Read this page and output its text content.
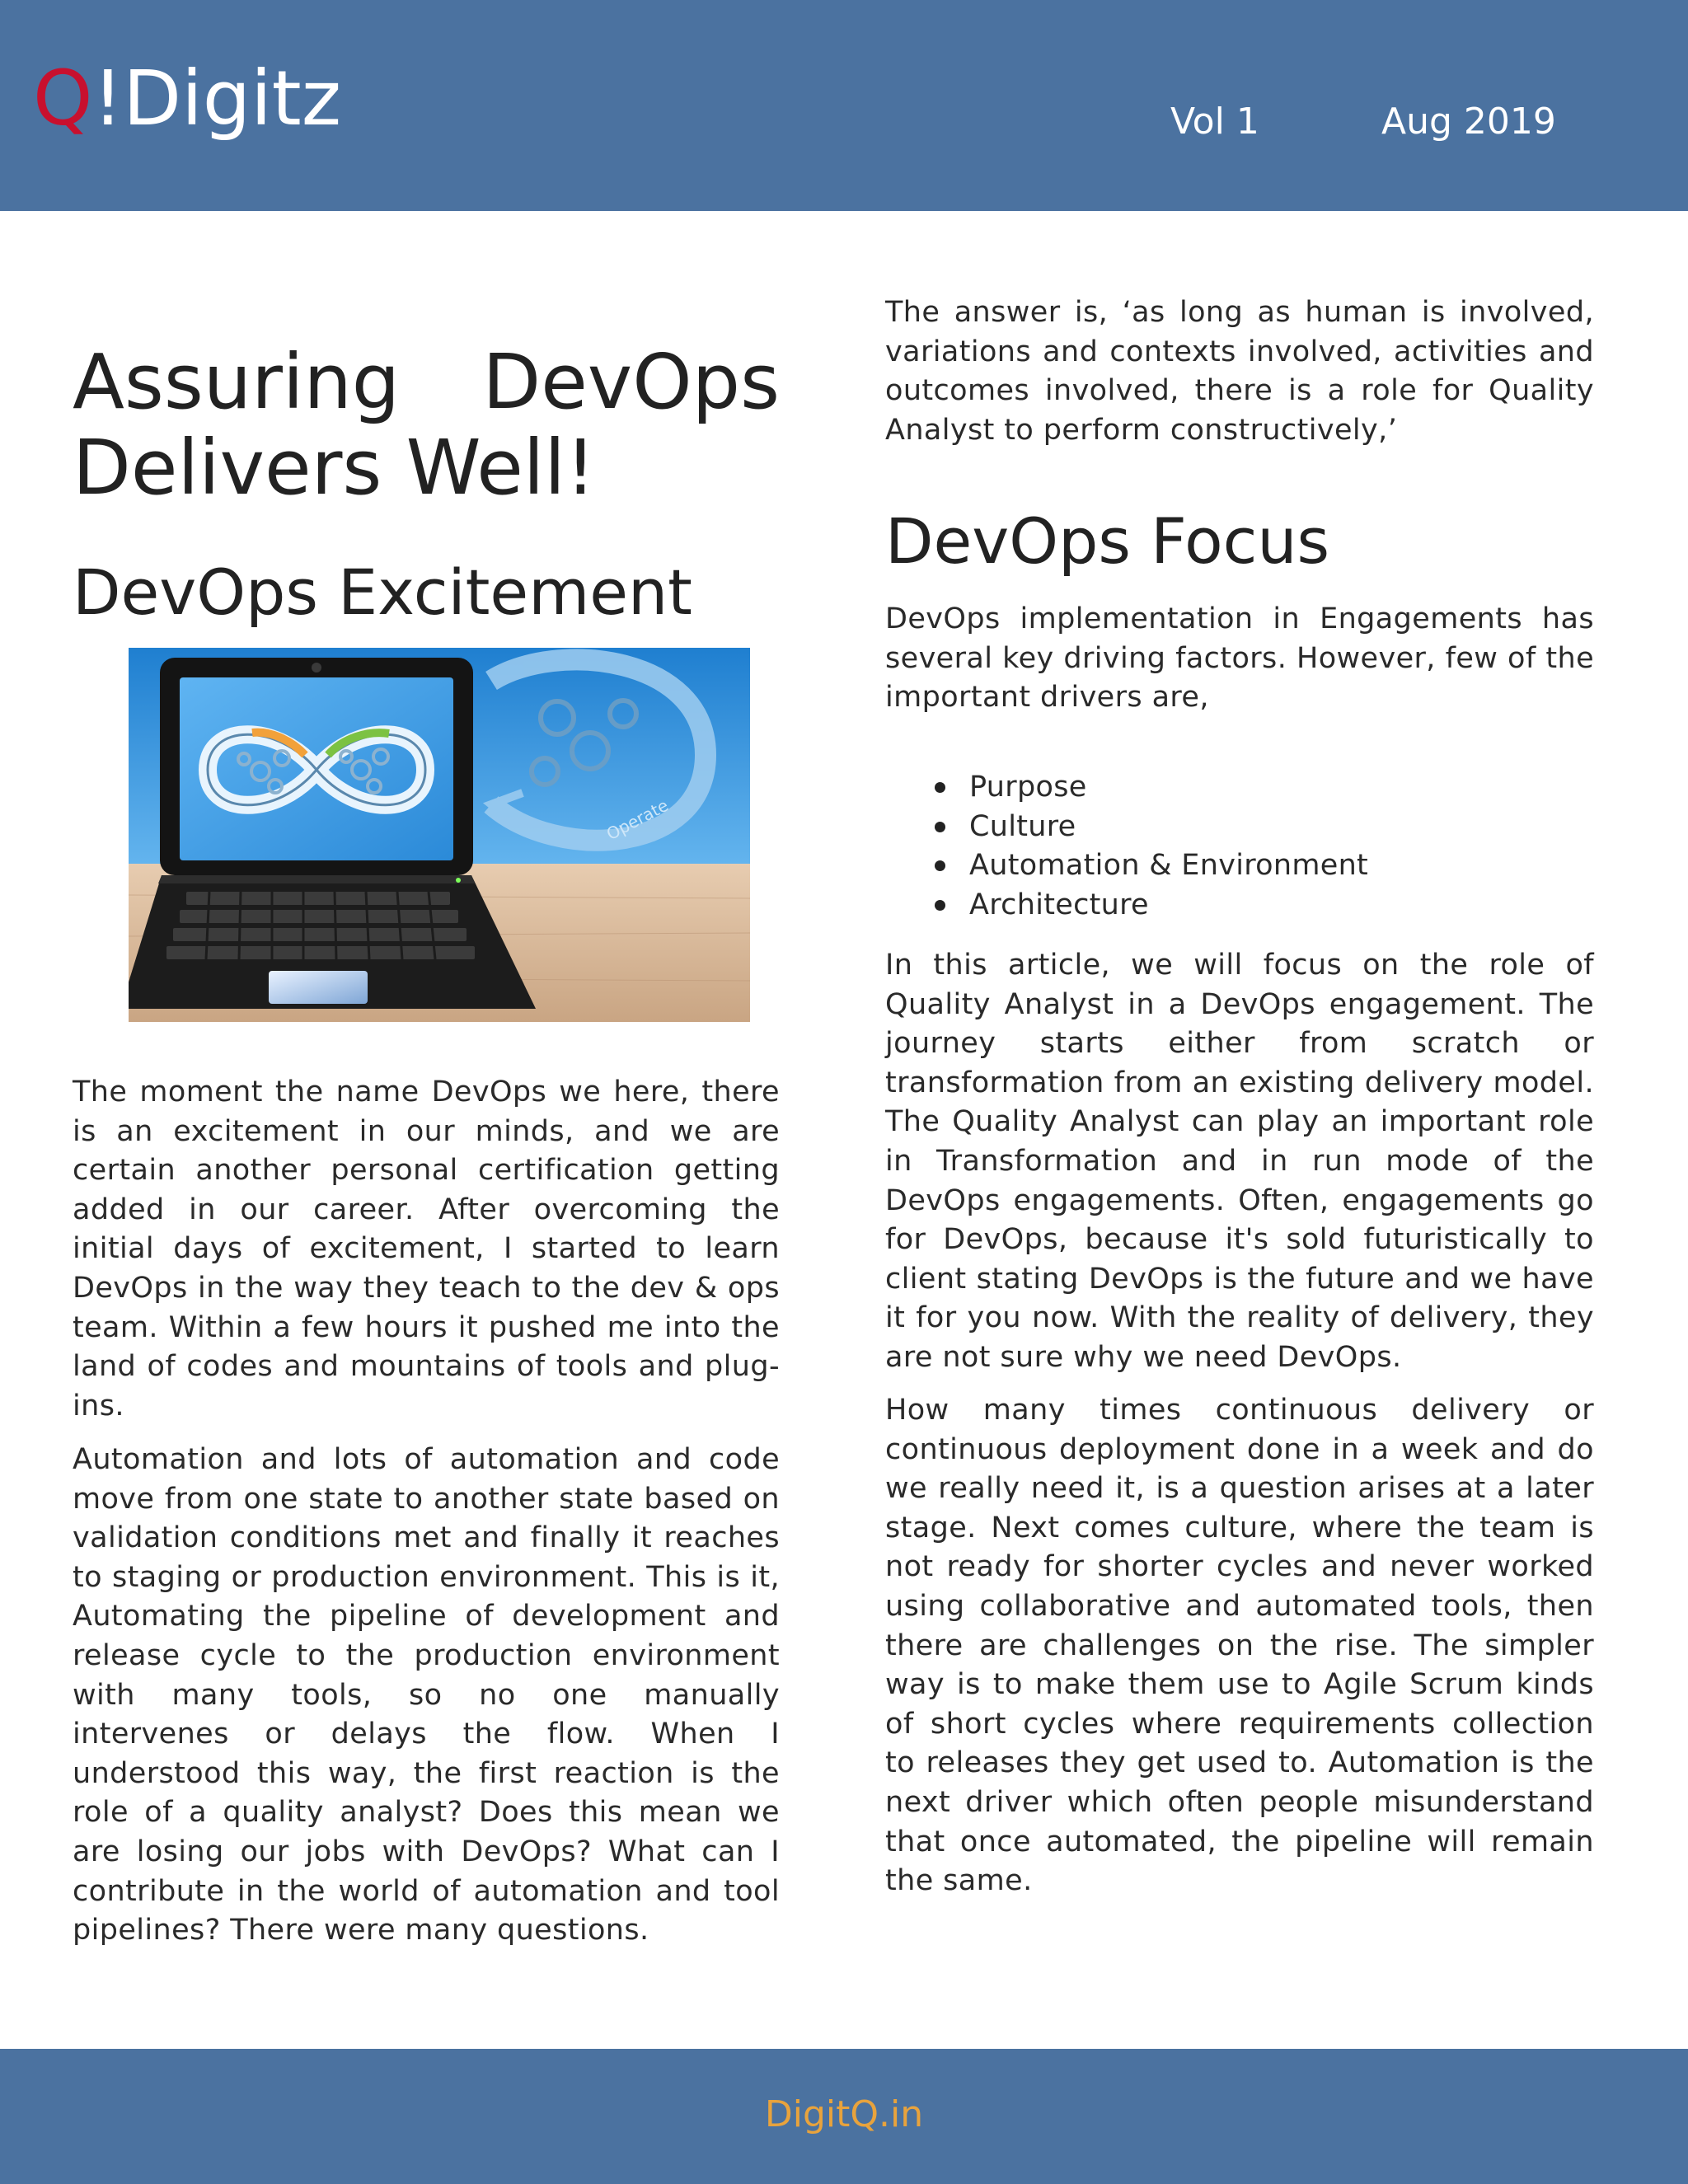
Q!Digitz	Vol 1	Aug 2019
Assuring DevOps
Delivers Well!
DevOps Excitement

The moment the name DevOps we here, there is an excitement in our minds, and we are certain another personal certification getting added in our career. After overcoming the initial days of excitement, I started to learn DevOps in the way they teach to the dev & ops team. Within a few hours it pushed me into the land of codes and mountains of tools and plug-ins.

Automation and lots of automation and code move from one state to another state based on validation conditions met and finally it reaches to staging or production environment. This is it, Automating the pipeline of development and release cycle to the production environment with many tools, so no one manually intervenes or delays the flow. When I understood this way, the first reaction is the role of a quality analyst? Does this mean we are losing our jobs with DevOps? What can I contribute in the world of automation and tool pipelines? There were many questions.

Operate

The answer is, ‘as long as human is involved, variations and contexts involved, activities and outcomes involved, there is a role for Quality Analyst to perform constructively,’

DevOps Focus

DevOps implementation in Engagements has several key driving factors. However, few of the important drivers are,

Purpose
Culture
Automation & Environment
Architecture

In this article, we will focus on the role of Quality Analyst in a DevOps engagement. The journey starts either from scratch or transformation from an existing delivery model. The Quality Analyst can play an important role in Transformation and in run mode of the DevOps engagements. Often, engagements go for DevOps, because it's sold futuristically to client stating DevOps is the future and we have it for you now. With the reality of delivery, they are not sure why we need DevOps.

How many times continuous delivery or continuous deployment done in a week and do we really need it, is a question arises at a later stage. Next comes culture, where the team is not ready for shorter cycles and never worked using collaborative and automated tools, then there are challenges on the rise. The simpler way is to make them use to Agile Scrum kinds of short cycles where requirements collection to releases they get used to. Automation is the next driver which often people misunderstand that once automated, the pipeline will remain the same.

DigitQ.in
